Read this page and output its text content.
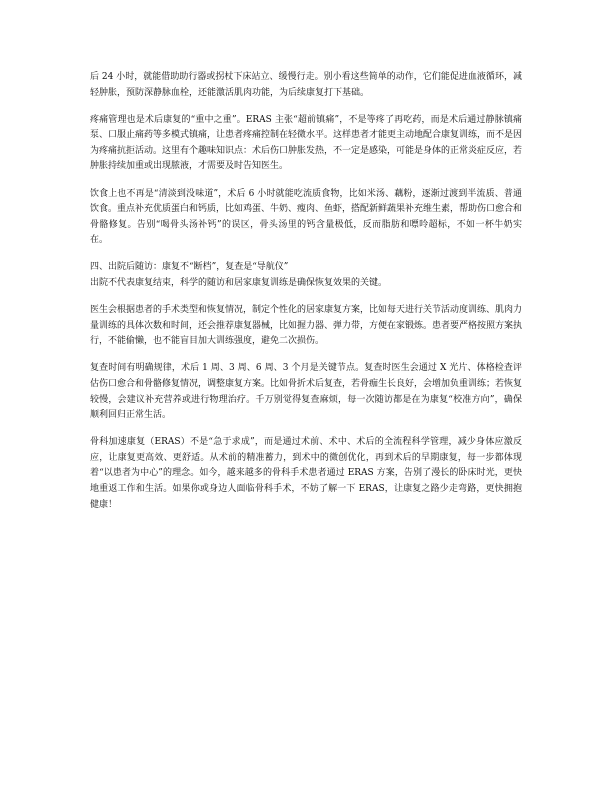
后 24 小时，就能借助助行器或拐杖下床站立、缓慢行走。别小看这些简单的动作，它们能促进血液循环，减轻肿胀，预防深静脉血栓，还能激活肌肉功能，为后续康复打下基础。

疼痛管理也是术后康复的“重中之重”。ERAS 主张“超前镇痛”，不是等疼了再吃药，而是术后通过静脉镇痛泵、口服止痛药等多模式镇痛，让患者疼痛控制在轻微水平。这样患者才能更主动地配合康复训练，而不是因为疼痛抗拒活动。这里有个趣味知识点：术后伤口肿胀发热，不一定是感染，可能是身体的正常炎症反应，若肿胀持续加重或出现脓液，才需要及时告知医生。

饮食上也不再是“清淡到没味道”，术后 6 小时就能吃流质食物，比如米汤、藕粉，逐渐过渡到半流质、普通饮食。重点补充优质蛋白和钙质，比如鸡蛋、牛奶、瘦肉、鱼虾，搭配新鲜蔬果补充维生素，帮助伤口愈合和骨骼修复。告别“喝骨头汤补钙”的误区，骨头汤里的钙含量极低，反而脂肪和嘌呤超标，不如一杯牛奶实在。

四、出院后随访：康复不“断档”，复查是“导航仪”
出院不代表康复结束，科学的随访和居家康复训练是确保恢复效果的关键。

医生会根据患者的手术类型和恢复情况，制定个性化的居家康复方案，比如每天进行关节活动度训练、肌肉力量训练的具体次数和时间，还会推荐康复器械，比如握力器、弹力带，方便在家锻炼。患者要严格按照方案执行，不能偷懒，也不能盲目加大训练强度，避免二次损伤。

复查时间有明确规律，术后 1 周、3 周、6 周、3 个月是关键节点。复查时医生会通过 X 光片、体格检查评估伤口愈合和骨骼修复情况，调整康复方案。比如骨折术后复查，若骨痂生长良好，会增加负重训练；若恢复较慢，会建议补充营养或进行物理治疗。千万别觉得复查麻烦，每一次随访都是在为康复“校准方向”，确保顺利回归正常生活。

骨科加速康复（ERAS）不是“急于求成”，而是通过术前、术中、术后的全流程科学管理，减少身体应激反应，让康复更高效、更舒适。从术前的精准蓄力，到术中的微创优化，再到术后的早期康复，每一步都体现着“以患者为中心”的理念。如今，越来越多的骨科手术患者通过 ERAS 方案，告别了漫长的卧床时光，更快地重返工作和生活。如果你或身边人面临骨科手术，不妨了解一下 ERAS，让康复之路少走弯路，更快拥抱健康！
